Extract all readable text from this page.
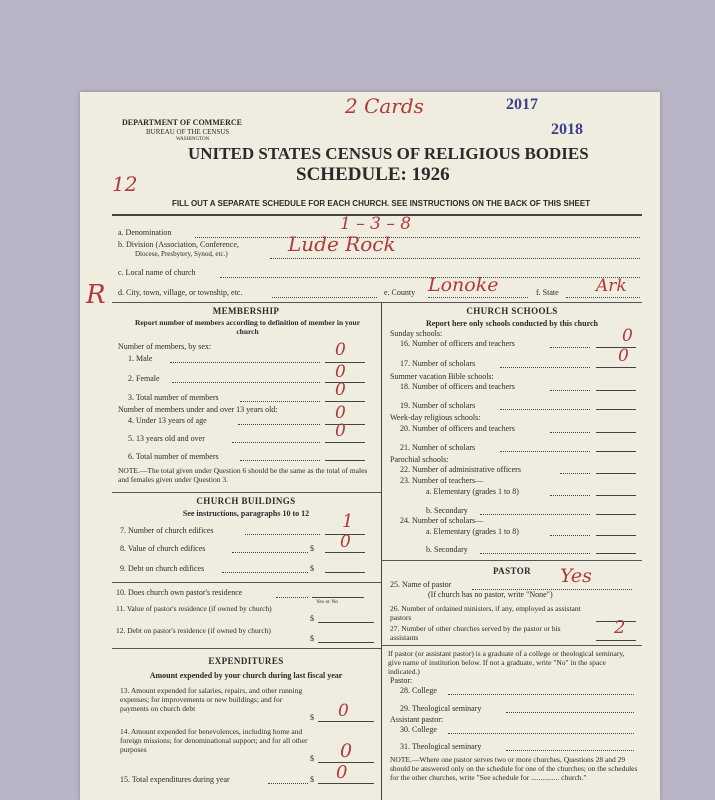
2 Cards	2017
2018
DEPARTMENT OF COMMERCE
BUREAU OF THE CENSUS
WASHINGTON
UNITED STATES CENSUS OF RELIGIOUS BODIES
SCHEDULE: 1926
12
FILL OUT A SEPARATE SCHEDULE FOR EACH CHURCH. SEE INSTRUCTIONS ON THE BACK OF THIS SHEET
a. Denomination	1 – 3 – 8
b. Division (Association, Conference,
Diocese, Presbytery, Synod, etc.)	Lude Rock
c. Local name of church
R d. City, town, village, or township, etc.	e. County Lonoke	f. State Ark
MEMBERSHIP
Report number of members according to definition of member in your church
Number of members, by sex:
1. Male	0
2. Female	0
3. Total number of members	0
Number of members under and over 13 years old:
4. Under 13 years of age	0
5. 13 years old and over	0
6. Total number of members
NOTE.—The total given under Question 6 should be the same as the total of males and females given under Question 3.
CHURCH BUILDINGS
See instructions, paragraphs 10 to 12
7. Number of church edifices	1
8. Value of church edifices	$ 0
9. Debt on church edifices	$
10. Does church own pastor's residence
Yes or No
11. Value of pastor's residence (if owned by church)
$
12. Debt on pastor's residence (if owned by church)
$
EXPENDITURES
Amount expended by your church during last fiscal year
13. Amount expended for salaries, repairs, and other running expenses; for improvements or new buildings; and for payments on church debt
$ 0
14. Amount expended for benevolences, including home and foreign missions; for denominational support; and for all other purposes
$ 0
15. Total expenditures during year	$ 0
CHURCH SCHOOLS
Report here only schools conducted by this church
Sunday schools:
16. Number of officers and teachers	0
17. Number of scholars	0
Summer vacation Bible schools:
18. Number of officers and teachers
19. Number of scholars
Week-day religious schools:
20. Number of officers and teachers
21. Number of scholars
Parochial schools:
22. Number of administrative officers
23. Number of teachers—
a. Elementary (grades 1 to 8)
b. Secondary
24. Number of scholars—
a. Elementary (grades 1 to 8)
b. Secondary
PASTOR
25. Name of pastor	Yes
(If church has no pastor, write "None")
26. Number of ordained ministers, if any, employed as assistant pastors
27. Number of other churches served by the pastor or his assistants	2
If pastor (or assistant pastor) is a graduate of a college or theological seminary, give name of institution below. If not a graduate, write "No" in the space indicated.)
Pastor:
28. College
29. Theological seminary
Assistant pastor:
30. College
31. Theological seminary
NOTE.—Where one pastor serves two or more churches, Questions 28 and 29 should be answered only on the schedule for one of the churches; on the schedules for the other churches, write "See schedule for ............... church."
